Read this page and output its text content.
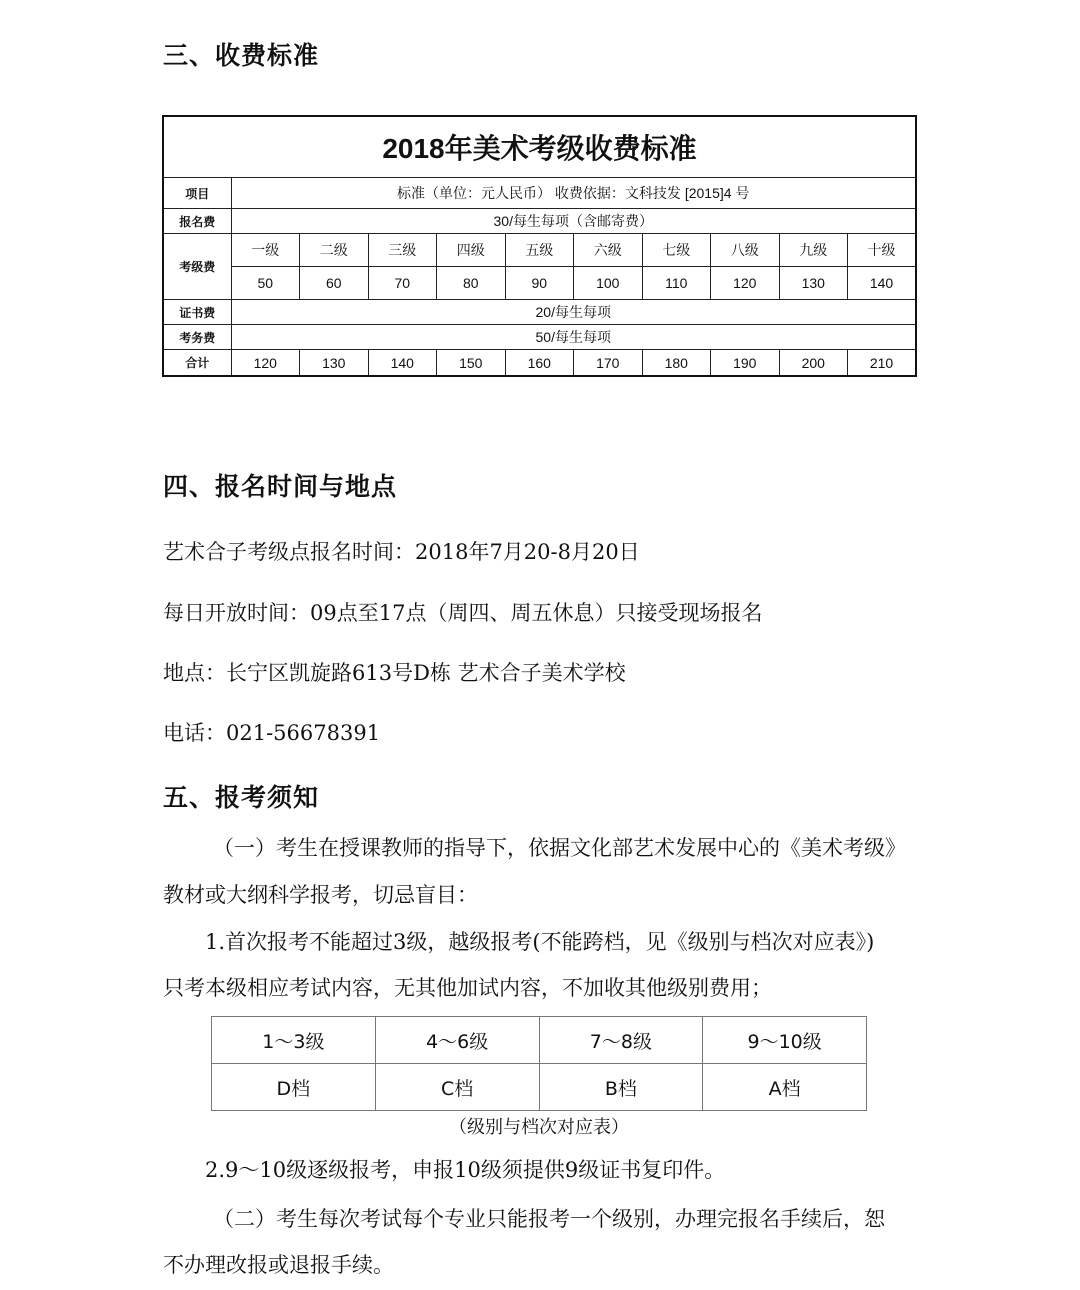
三、收费标准
2018年美术考级收费标准										
项目	标准（单位：元人民币） 收费依据：文科技发 [2015]4 号									
报名费	30/每生每项（含邮寄费）									
考级费	一级	二级	三级	四级	五级	六级	七级	八级	九级	十级
	50	60	70	80	90	100	110	120	130	140
证书费	20/每生每项									
考务费	50/每生每项									
合计	120	130	140	150	160	170	180	190	200	210
四、报名时间与地点

艺术合子考级点报名时间：2018年7月20-8月20日

每日开放时间：09点至17点（周四、周五休息）只接受现场报名

地点：长宁区凯旋路613号D栋 艺术合子美术学校

电话：021-56678391

五、报考须知

（一）考生在授课教师的指导下，依据文化部艺术发展中心的《美术考级》

教材或大纲科学报考，切忌盲目：

1.首次报考不能超过3级，越级报考(不能跨档，见《级别与档次对应表》)

只考本级相应考试内容，无其他加试内容，不加收其他级别费用；

1～3级	4～6级	7～8级	9～10级
D档	C档	B档	A档

（级别与档次对应表）

2.9～10级逐级报考，申报10级须提供9级证书复印件。

（二）考生每次考试每个专业只能报考一个级别，办理完报名手续后，恕

不办理改报或退报手续。
